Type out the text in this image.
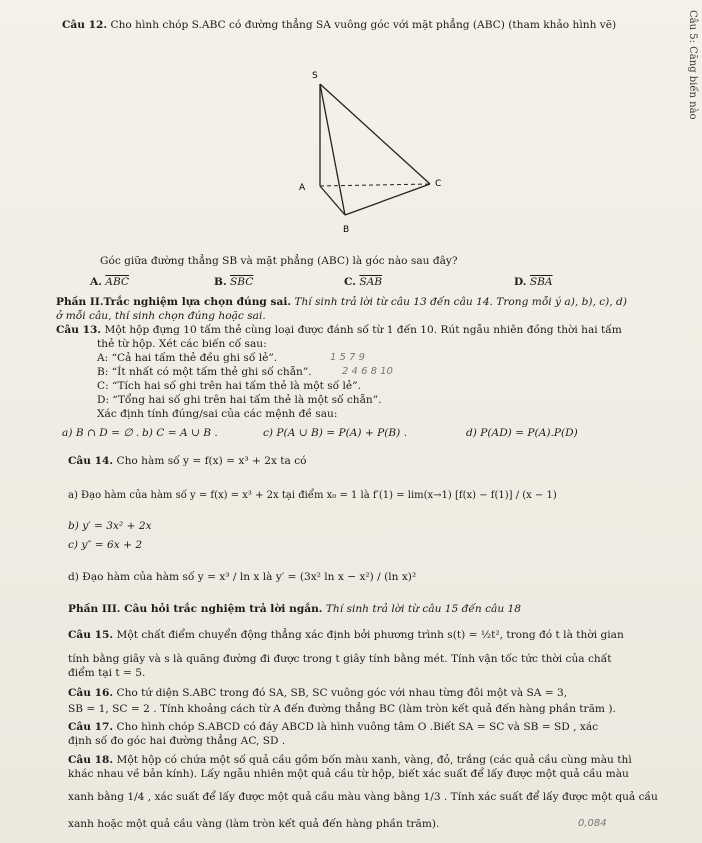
Câu 12. Cho hình chóp S.ABC có đường thẳng SA vuông góc với mặt phẳng (ABC) (tham khảo hình vẽ)
S
A
B
C
Góc giữa đường thẳng SB và mặt phẳng (ABC) là góc nào sau đây?
A. $\overline{ABC}$	B. $\overline{SBC}$	C. $\overline{SAB}$	D. $\overline{SBA}$
Phần II.Trắc nghiệm lựa chọn đúng sai. Thí sinh trả lời từ câu 13 đến câu 14. Trong mỗi ý a), b), c), d)
ở mỗi câu, thí sinh chọn đúng hoặc sai.
Câu 13. Một hộp đựng 10 tấm thẻ cùng loại được đánh số từ 1 đến 10. Rút ngẫu nhiên đồng thời hai tấm
thẻ từ hộp. Xét các biến cố sau:
A: “Cả hai tấm thẻ đều ghi số lẻ”.
B: “Ít nhất có một tấm thẻ ghi số chẵn”.
C: “Tích hai số ghi trên hai tấm thẻ là một số lẻ”.
D: “Tổng hai số ghi trên hai tấm thẻ là một số chẵn”.
Xác định tính đúng/sai của các mệnh đề sau:
a) B ∩ D = ∅ . b) C = A ∪ B .	c) P(A ∪ B) = P(A) + P(B) .	d) P(AD) = P(A).P(D)
Câu 14. Cho hàm số y = f(x) = x³ + 2x ta có
a) Đạo hàm của hàm số y = f(x) = x³ + 2x tại điểm x₀ = 1 là f′(1) = lim(x→1) [f(x) − f(1)] / (x − 1)
b) y′ = 3x² + 2x
c) y″ = 6x + 2
d) Đạo hàm của hàm số y = x³ / ln x là y′ = (3x² ln x − x²) / (ln x)²
Phần III. Câu hỏi trắc nghiệm trả lời ngắn. Thí sinh trả lời từ câu 15 đến câu 18
Câu 15. Một chất điểm chuyển động thẳng xác định bởi phương trình s(t) = ½t², trong đó t là thời gian
tính bằng giây và s là quãng đường đi được trong t giây tính bằng mét. Tính vận tốc tức thời của chất
điểm tại t = 5.
Câu 16. Cho tứ diện S.ABC trong đó SA, SB, SC vuông góc với nhau từng đôi một và SA = 3,
SB = 1, SC = 2 . Tính khoảng cách từ A đến đường thẳng BC (làm tròn kết quả đến hàng phần trăm ).
Câu 17. Cho hình chóp S.ABCD có đáy ABCD là hình vuông tâm O .Biết SA = SC và SB = SD , xác
định số đo góc hai đường thẳng AC, SD .
Câu 18. Một hộp có chứa một số quả cầu gồm bốn màu xanh, vàng, đỏ, trắng (các quả cầu cùng màu thì
khác nhau về bản kính). Lấy ngẫu nhiên một quả cầu từ hộp, biết xác suất để lấy được một quả cầu màu
xanh bằng 1/4 , xác suất để lấy được một quả cầu màu vàng bằng 1/3 . Tính xác suất để lấy được một quả cầu
xanh hoặc một quả cầu vàng (làm tròn kết quả đến hàng phần trăm).
Câu 5: Căng biến nào
1 5 7 9
2 4 6 8 10
0,084
